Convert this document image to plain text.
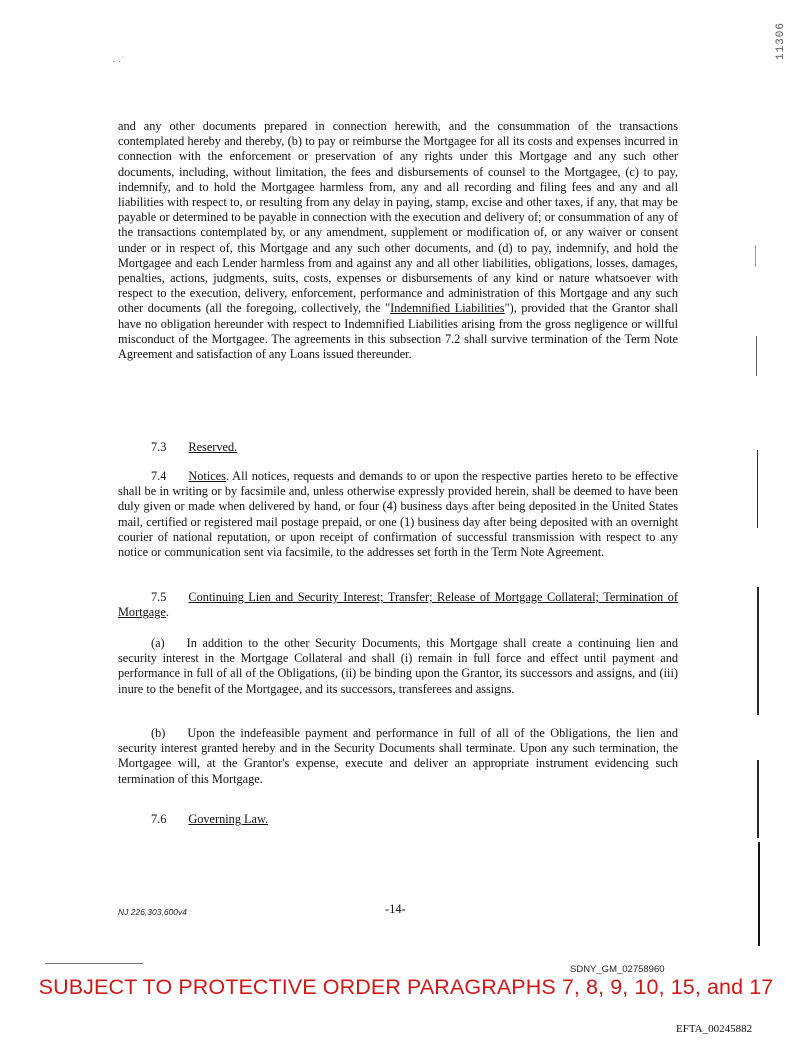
11306
· ·˙
and any other documents prepared in connection herewith, and the consummation of the transactions contemplated hereby and thereby, (b) to pay or reimburse the Mortgagee for all its costs and expenses incurred in connection with the enforcement or preservation of any rights under this Mortgage and any such other documents, including, without limitation, the fees and disbursements of counsel to the Mortgagee, (c) to pay, indemnify, and to hold the Mortgagee harmless from, any and all recording and filing fees and any and all liabilities with respect to, or resulting from any delay in paying, stamp, excise and other taxes, if any, that may be payable or determined to be payable in connection with the execution and delivery of; or consummation of any of the transactions contemplated by, or any amendment, supplement or modification of, or any waiver or consent under or in respect of, this Mortgage and any such other documents, and (d) to pay, indemnify, and hold the Mortgagee and each Lender harmless from and against any and all other liabilities, obligations, losses, damages, penalties, actions, judgments, suits, costs, expenses or disbursements of any kind or nature whatsoever with respect to the execution, delivery, enforcement, performance and administration of this Mortgage and any such other documents (all the foregoing, collectively, the "Indemnified Liabilities"), provided that the Grantor shall have no obligation hereunder with respect to Indemnified Liabilities arising from the gross negligence or willful misconduct of the Mortgagee. The agreements in this subsection 7.2 shall survive termination of the Term Note Agreement and satisfaction of any Loans issued thereunder.
7.3 Reserved.
7.4 Notices. All notices, requests and demands to or upon the respective parties hereto to be effective shall be in writing or by facsimile and, unless otherwise expressly provided herein, shall be deemed to have been duly given or made when delivered by hand, or four (4) business days after being deposited in the United States mail, certified or registered mail postage prepaid, or one (1) business day after being deposited with an overnight courier of national reputation, or upon receipt of confirmation of successful transmission with respect to any notice or communication sent via facsimile, to the addresses set forth in the Term Note Agreement.
7.5 Continuing Lien and Security Interest; Transfer; Release of Mortgage Collateral; Termination of Mortgage.
(a) In addition to the other Security Documents, this Mortgage shall create a continuing lien and security interest in the Mortgage Collateral and shall (i) remain in full force and effect until payment and performance in full of all of the Obligations, (ii) be binding upon the Grantor, its successors and assigns, and (iii) inure to the benefit of the Mortgagee, and its successors, transferees and assigns.
(b) Upon the indefeasible payment and performance in full of all of the Obligations, the lien and security interest granted hereby and in the Security Documents shall terminate. Upon any such termination, the Mortgagee will, at the Grantor's expense, execute and deliver an appropriate instrument evidencing such termination of this Mortgage.
7.6 Governing Law.
NJ 226,303,600v4	-14-
SDNY_GM_02758960
SUBJECT TO PROTECTIVE ORDER PARAGRAPHS 7, 8, 9, 10, 15, and 17
EFTA_00245882
